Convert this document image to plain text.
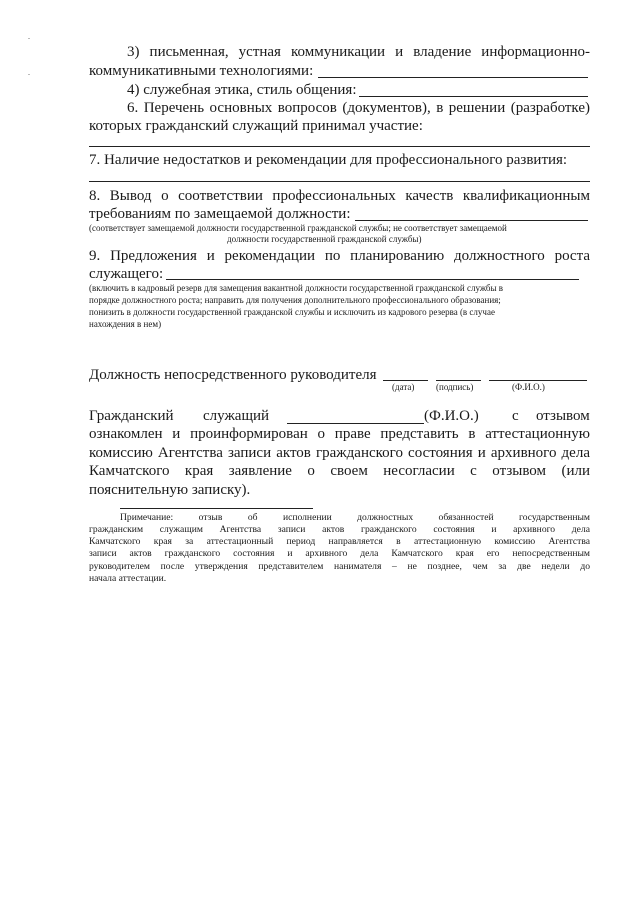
3) письменная, устная коммуникации и владение информационно-
коммуникативными технологиями:
4) служебная этика, стиль общения:
6. Перечень основных вопросов (документов), в решении (разработке)
которых гражданский служащий принимал участие:
7. Наличие недостатков и рекомендации для профессионального развития:
8. Вывод о соответствии профессиональных качеств квалификационным
требованиям по замещаемой должности:
(соответствует замещаемой должности государственной гражданской службы; не соответствует замещаемой
должности государственной гражданской службы)
9. Предложения и рекомендации по планированию должностного роста
служащего:
(включить в кадровый резерв для замещения вакантной должности государственной гражданской службы в
порядке должностного роста; направить для получения дополнительного профессионального образования;
понизить в должности государственной гражданской службы и исключить из кадрового резерва (в случае
нахождения в нем)
Должность непосредственного руководителя
(дата) (подпись)	(Ф.И.О.)
Гражданский служащий	(Ф.И.О.) с отзывом
ознакомлен и проинформирован о праве представить в аттестационную
комиссию Агентства записи актов гражданского состояния и архивного дела
Камчатского края заявление о своем несогласии с отзывом (или
пояснительную записку).
Примечание: отзыв об исполнении должностных обязанностей государственным
гражданским служащим Агентства записи актов гражданского состояния и архивного дела
Камчатского края за аттестационный период направляется в аттестационную комиссию Агентства
записи актов гражданского состояния и архивного дела Камчатского края его непосредственным
руководителем после утверждения представителем нанимателя – не позднее, чем за две недели до
начала аттестации.
